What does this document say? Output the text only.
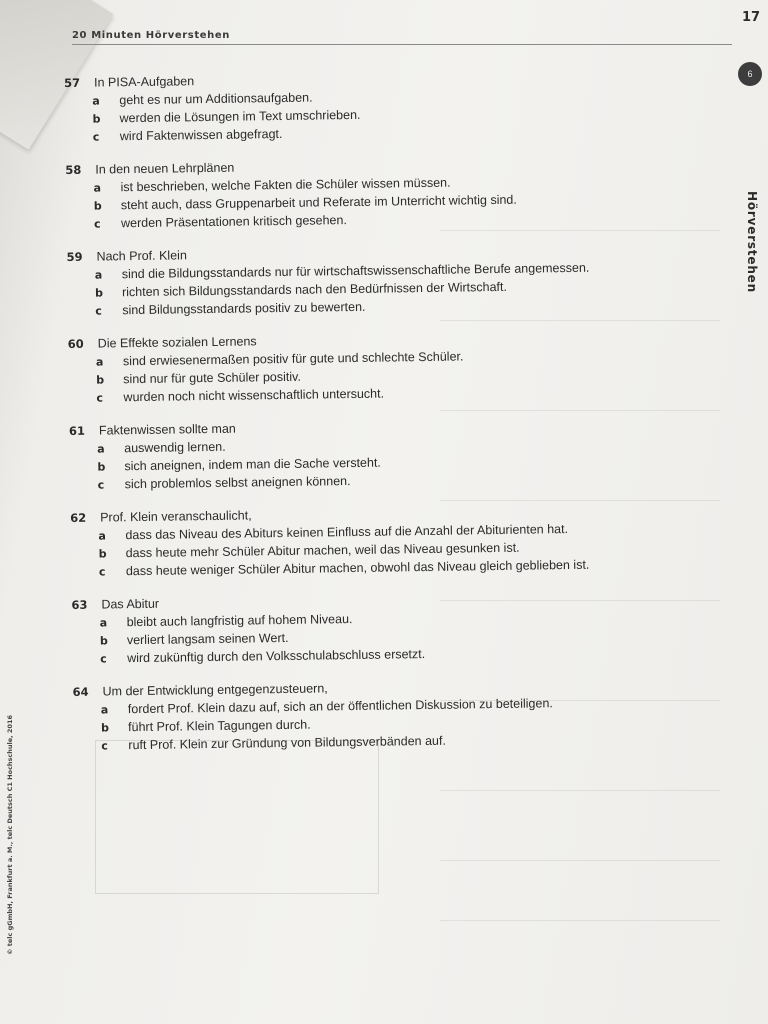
20 Minuten Hörverstehen
17
6
Hörverstehen
© telc gGmbH, Frankfurt a. M., telc Deutsch C1 Hochschule, 2016
57	In PISA-Aufgaben
a	geht es nur um Additionsaufgaben.
b	werden die Lösungen im Text umschrieben.
c	wird Faktenwissen abgefragt.
58	In den neuen Lehrplänen
a	ist beschrieben, welche Fakten die Schüler wissen müssen.
b	steht auch, dass Gruppenarbeit und Referate im Unterricht wichtig sind.
c	werden Präsentationen kritisch gesehen.
59	Nach Prof. Klein
a	sind die Bildungsstandards nur für wirtschaftswissenschaftliche Berufe angemessen.
b	richten sich Bildungsstandards nach den Bedürfnissen der Wirtschaft.
c	sind Bildungsstandards positiv zu bewerten.
60	Die Effekte sozialen Lernens
a	sind erwiesenermaßen positiv für gute und schlechte Schüler.
b	sind nur für gute Schüler positiv.
c	wurden noch nicht wissenschaftlich untersucht.
61	Faktenwissen sollte man
a	auswendig lernen.
b	sich aneignen, indem man die Sache versteht.
c	sich problemlos selbst aneignen können.
62	Prof. Klein veranschaulicht,
a	dass das Niveau des Abiturs keinen Einfluss auf die Anzahl der Abiturienten hat.
b	dass heute mehr Schüler Abitur machen, weil das Niveau gesunken ist.
c	dass heute weniger Schüler Abitur machen, obwohl das Niveau gleich geblieben ist.
63	Das Abitur
a	bleibt auch langfristig auf hohem Niveau.
b	verliert langsam seinen Wert.
c	wird zukünftig durch den Volksschulabschluss ersetzt.
64	Um der Entwicklung entgegenzusteuern,
a	fordert Prof. Klein dazu auf, sich an der öffentlichen Diskussion zu beteiligen.
b	führt Prof. Klein Tagungen durch.
c	ruft Prof. Klein zur Gründung von Bildungsverbänden auf.
